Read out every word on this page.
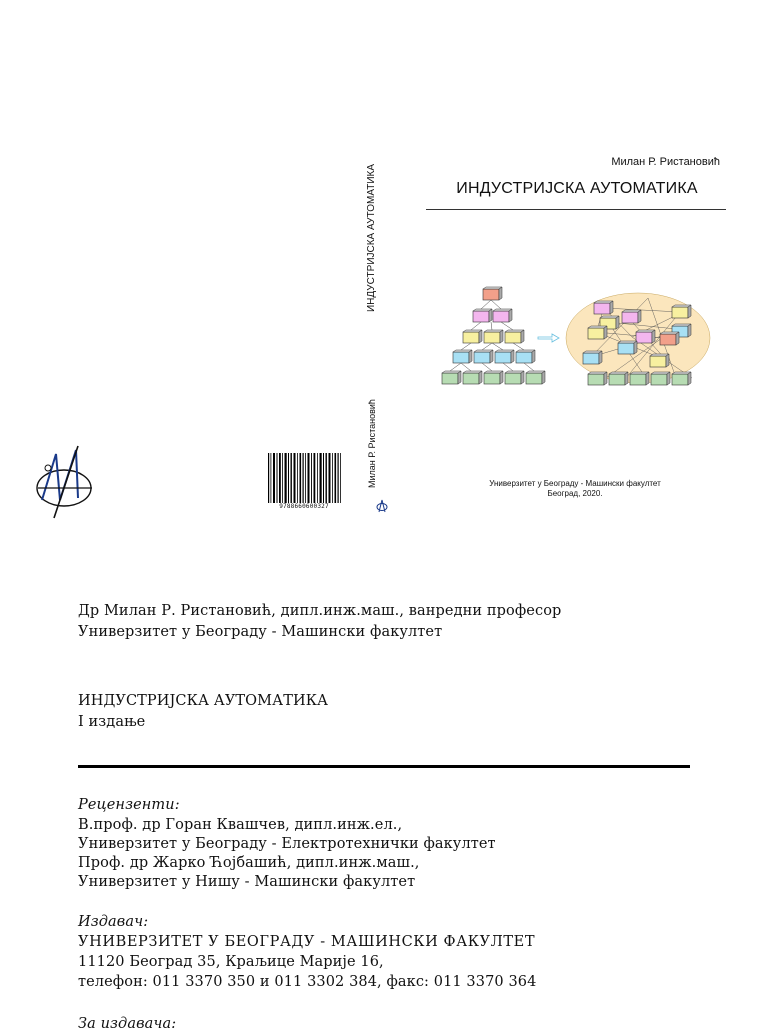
9788660600327
ИНДУСТРИЈСКА АУТОМАТИКА
Милан Р. Ристановић
Милан Р. Ристановић
ИНДУСТРИЈСКА АУТОМАТИКА
Универзитет у Београду - Машински факултет
Београд, 2020.
Др Милан Р. Ристановић, дипл.инж.маш., ванредни професор
Универзитет у Београду - Машински факултет
ИНДУСТРИЈСКА АУТОМАТИКА
I издање
Рецензенти:
В.проф. др Горан Квашчев, дипл.инж.ел.,
Универзитет у Београду - Електротехнички факултет
Проф. др Жарко Ћојбашић, дипл.инж.маш.,
Универзитет у Нишу - Машински факултет
Издавач:
УНИВЕРЗИТЕТ У БЕОГРАДУ - МАШИНСКИ ФАКУЛТЕТ
11120 Београд 35, Краљице Марије 16,
телефон: 011 3370 350 и 011 3302 384, факс: 011 3370 364
За издавача:
